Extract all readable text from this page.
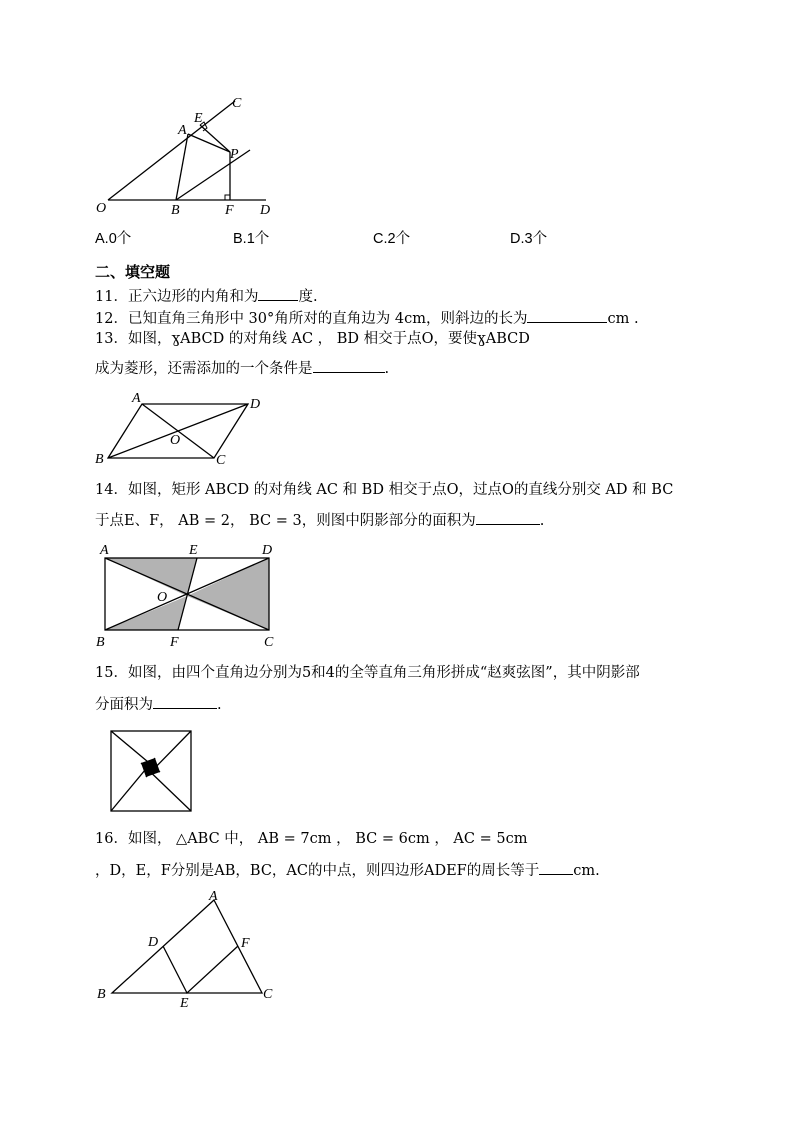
C
E
A
P
O	B	F D
A.0个	B.1个	C.2个	D.3个
二、填空题
11．正六边形的内角和为	度.
12．已知直角三角形中 30°角所对的直角边为 4cm，则斜边的长为	cm .
13．如图，ɣABCD 的对角线 AC ， BD 相交于点O，要使ɣABCD
成为菱形，还需添加的一个条件是	.
A	D
O
B	C
14．如图，矩形 ABCD 的对角线 AC 和 BD 相交于点O，过点O的直线分别交 AD 和 BC
于点E、F， AB = 2， BC = 3，则图中阴影部分的面积为	.
A	E	D
O
B	F	C
15．如图，由四个直角边分别为5和4的全等直角三角形拼成“赵爽弦图”，其中阴影部
分面积为	.
16．如图， △ABC 中， AB = 7cm ， BC = 6cm ， AC = 5cm
，D，E，F分别是AB，BC，AC的中点，则四边形ADEF的周长等于 cm.
A
D	F
B
E
C
